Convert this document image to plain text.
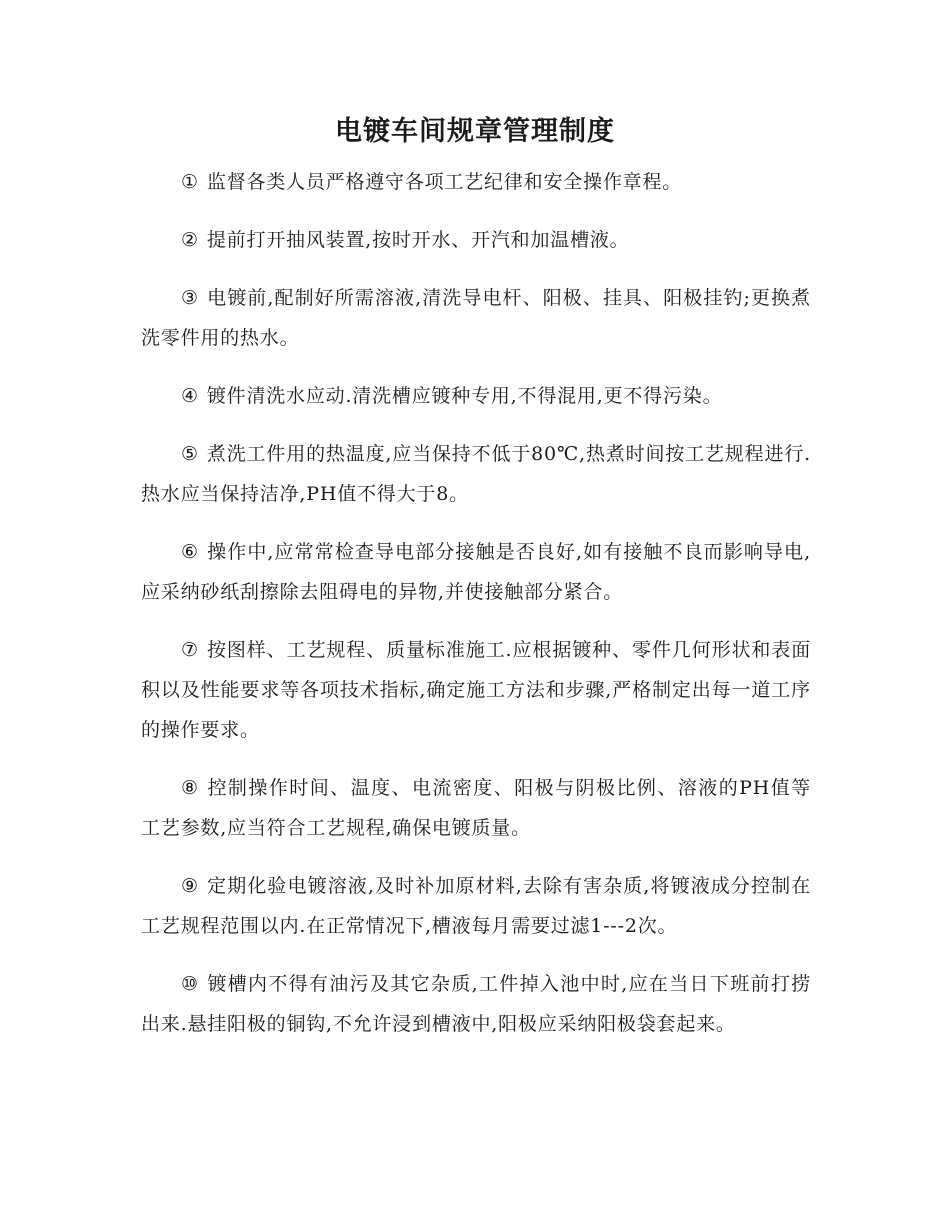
电镀车间规章管理制度

① 监督各类人员严格遵守各项工艺纪律和安全操作章程。

② 提前打开抽风装置,按时开水、开汽和加温槽液。

③ 电镀前,配制好所需溶液,清洗导电杆、阳极、挂具、阳极挂钓;更换煮洗零件用的热水。

④ 镀件清洗水应动.清洗槽应镀种专用,不得混用,更不得污染。

⑤ 煮洗工件用的热温度,应当保持不低于80℃,热煮时间按工艺规程进行.热水应当保持洁净,PH值不得大于8。

⑥ 操作中,应常常检查导电部分接触是否良好,如有接触不良而影响导电,应采纳砂纸刮擦除去阻碍电的异物,并使接触部分紧合。

⑦ 按图样、工艺规程、质量标准施工.应根据镀种、零件几何形状和表面积以及性能要求等各项技术指标,确定施工方法和步骤,严格制定出每一道工序的操作要求。

⑧ 控制操作时间、温度、电流密度、阳极与阴极比例、溶液的PH值等工艺参数,应当符合工艺规程,确保电镀质量。

⑨ 定期化验电镀溶液,及时补加原材料,去除有害杂质,将镀液成分控制在工艺规程范围以内.在正常情况下,槽液每月需要过滤1---2次。

⑩ 镀槽内不得有油污及其它杂质,工件掉入池中时,应在当日下班前打捞出来.悬挂阳极的铜钩,不允许浸到槽液中,阳极应采纳阳极袋套起来。
